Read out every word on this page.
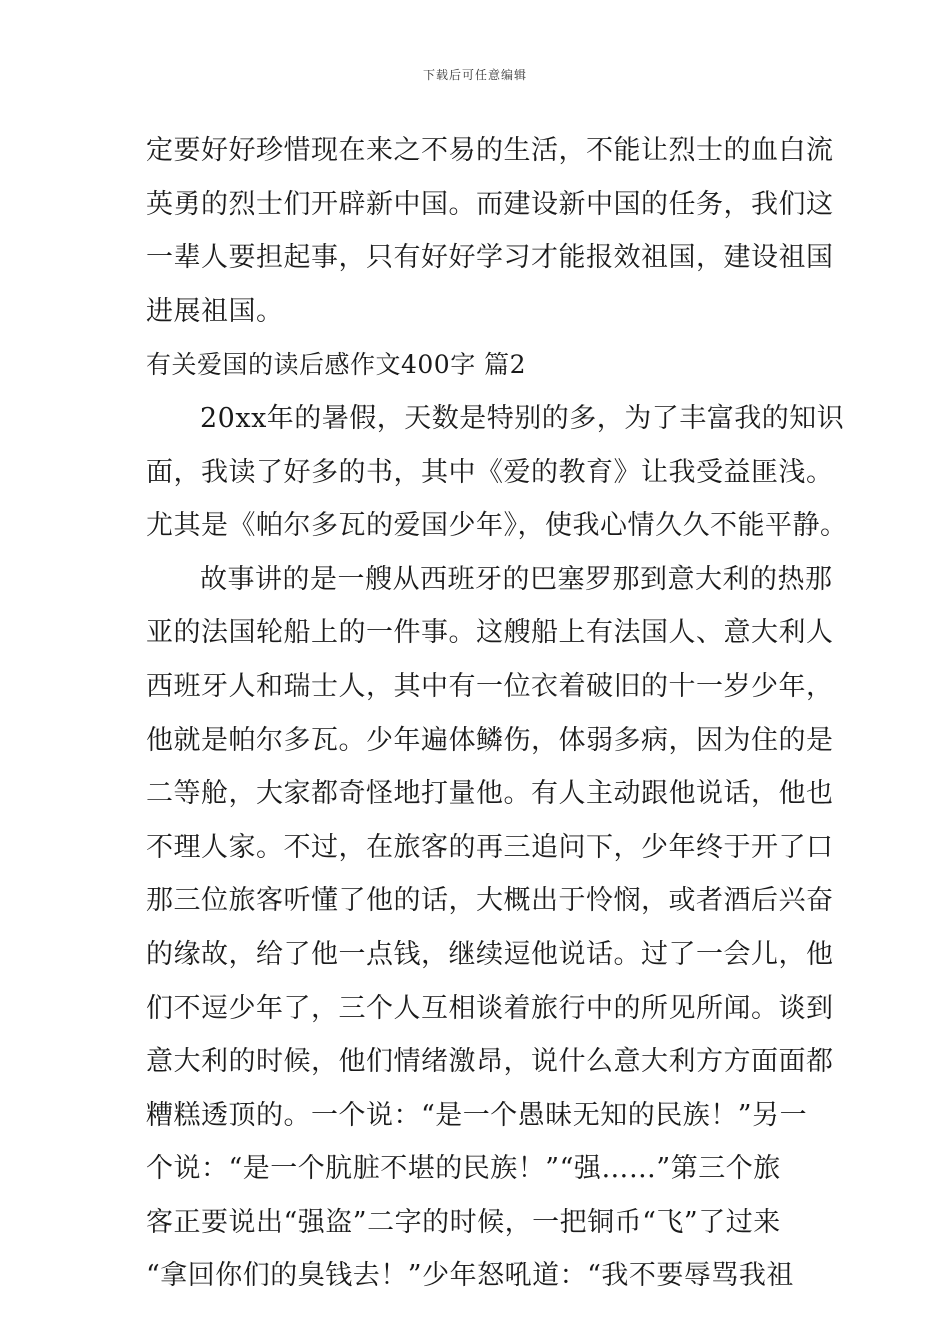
下载后可任意编辑
定要好好珍惜现在来之不易的生活，不能让烈士的血白流
英勇的烈士们开辟新中国。而建设新中国的任务，我们这
一辈人要担起事，只有好好学习才能报效祖国，建设祖国
进展祖国。
有关爱国的读后感作文400字 篇2
20xx年的暑假，天数是特别的多，为了丰富我的知识
面，我读了好多的书，其中《爱的教育》让我受益匪浅。
尤其是《帕尔多瓦的爱国少年》，使我心情久久不能平静。
故事讲的是一艘从西班牙的巴塞罗那到意大利的热那
亚的法国轮船上的一件事。这艘船上有法国人、意大利人
西班牙人和瑞士人，其中有一位衣着破旧的十一岁少年，
他就是帕尔多瓦。少年遍体鳞伤，体弱多病，因为住的是
二等舱，大家都奇怪地打量他。有人主动跟他说话，他也
不理人家。不过，在旅客的再三追问下，少年终于开了口
那三位旅客听懂了他的话，大概出于怜悯，或者酒后兴奋
的缘故，给了他一点钱，继续逗他说话。过了一会儿，他
们不逗少年了，三个人互相谈着旅行中的所见所闻。谈到
意大利的时候，他们情绪激昂，说什么意大利方方面面都
糟糕透顶的。一个说：“是一个愚昧无知的民族！”另一
个说：“是一个肮脏不堪的民族！”“强……”第三个旅
客正要说出“强盗”二字的时候，一把铜币“飞”了过来
“拿回你们的臭钱去！”少年怒吼道：“我不要辱骂我祖
